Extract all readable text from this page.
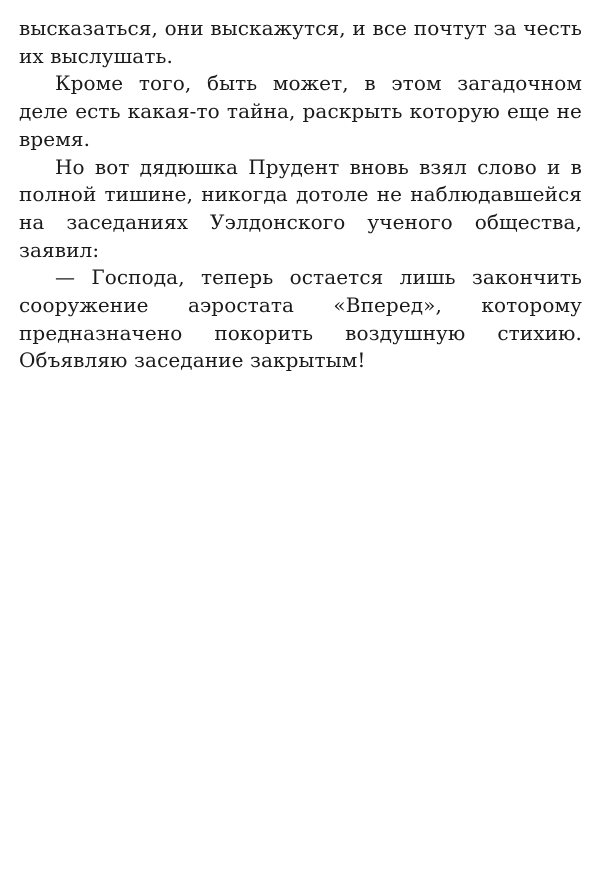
высказаться, они выскажутся, и все почтут за честь их выслушать.

Кроме того, быть может, в этом загадочном деле есть какая-то тайна, раскрыть которую еще не время.

Но вот дядюшка Прудент вновь взял слово и в полной тишине, никогда дотоле не наблюдавшейся на заседаниях Уэлдонского ученого общества, заявил:

— Господа, теперь остается лишь закончить сооружение аэростата «Вперед», которому предназначено покорить воздушную стихию. Объявляю заседание закрытым!
